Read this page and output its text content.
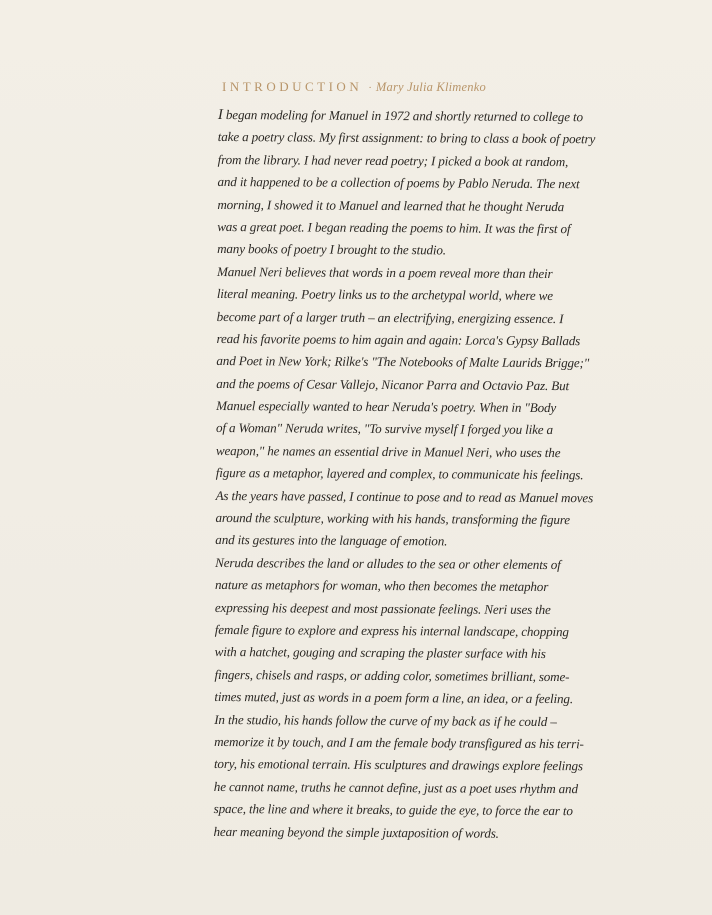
INTRODUCTION · Mary Julia Klimenko
I began modeling for Manuel in 1972 and shortly returned to college to
take a poetry class. My first assignment: to bring to class a book of poetry
from the library. I had never read poetry; I picked a book at random,
and it happened to be a collection of poems by Pablo Neruda. The next
morning, I showed it to Manuel and learned that he thought Neruda
was a great poet. I began reading the poems to him. It was the first of
many books of poetry I brought to the studio.
Manuel Neri believes that words in a poem reveal more than their
literal meaning. Poetry links us to the archetypal world, where we
become part of a larger truth – an electrifying, energizing essence. I
read his favorite poems to him again and again: Lorca's Gypsy Ballads
and Poet in New York; Rilke's "The Notebooks of Malte Laurids Brigge;"
and the poems of Cesar Vallejo, Nicanor Parra and Octavio Paz. But
Manuel especially wanted to hear Neruda's poetry. When in "Body
of a Woman" Neruda writes, "To survive myself I forged you like a
weapon," he names an essential drive in Manuel Neri, who uses the
figure as a metaphor, layered and complex, to communicate his feelings.
As the years have passed, I continue to pose and to read as Manuel moves
around the sculpture, working with his hands, transforming the figure
and its gestures into the language of emotion.
Neruda describes the land or alludes to the sea or other elements of
nature as metaphors for woman, who then becomes the metaphor
expressing his deepest and most passionate feelings. Neri uses the
female figure to explore and express his internal landscape, chopping
with a hatchet, gouging and scraping the plaster surface with his
fingers, chisels and rasps, or adding color, sometimes brilliant, some-
times muted, just as words in a poem form a line, an idea, or a feeling.
In the studio, his hands follow the curve of my back as if he could –
memorize it by touch, and I am the female body transfigured as his terri-
tory, his emotional terrain. His sculptures and drawings explore feelings
he cannot name, truths he cannot define, just as a poet uses rhythm and
space, the line and where it breaks, to guide the eye, to force the ear to
hear meaning beyond the simple juxtaposition of words.
